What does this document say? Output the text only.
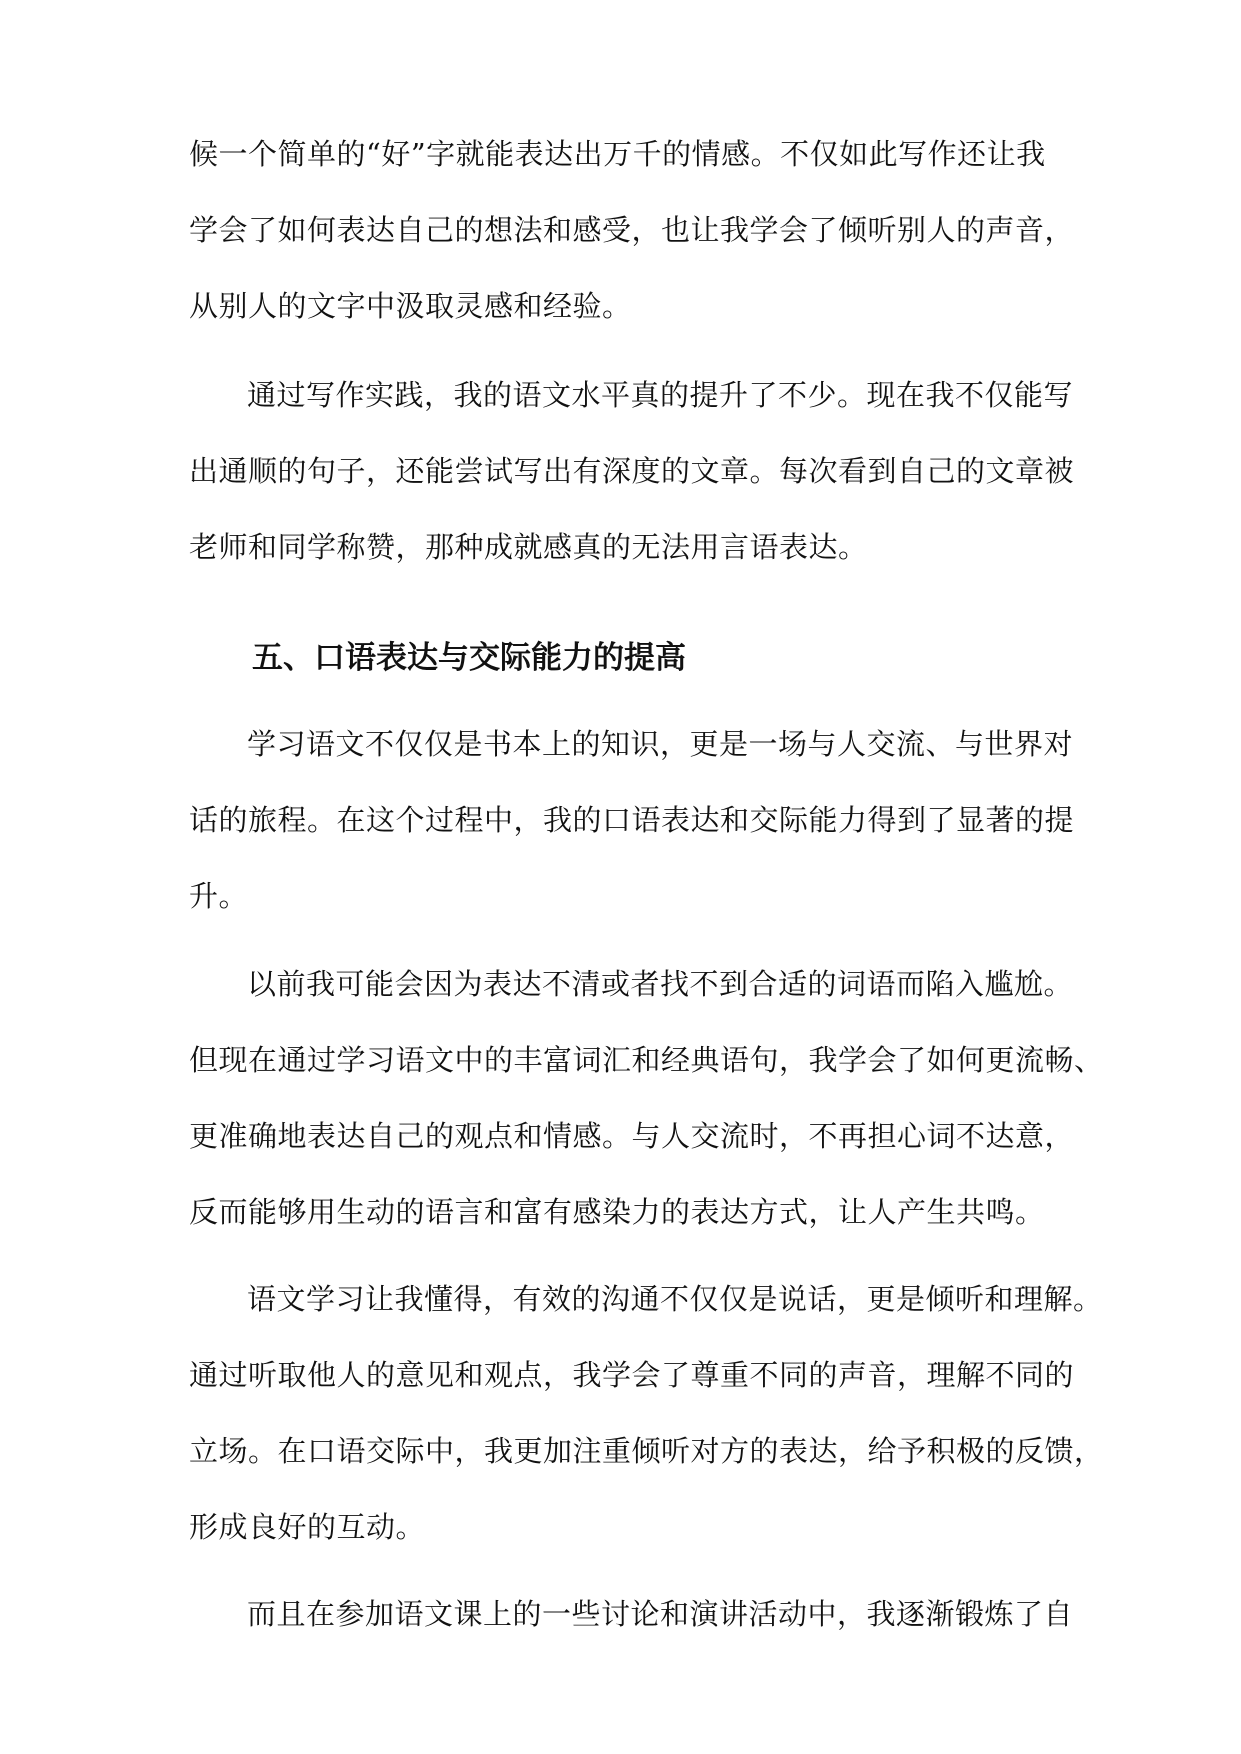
候一个简单的“好”字就能表达出万千的情感。不仅如此写作还让我
学会了如何表达自己的想法和感受，也让我学会了倾听别人的声音，
从别人的文字中汲取灵感和经验。
通过写作实践，我的语文水平真的提升了不少。现在我不仅能写
出通顺的句子，还能尝试写出有深度的文章。每次看到自己的文章被
老师和同学称赞，那种成就感真的无法用言语表达。
五、口语表达与交际能力的提高
学习语文不仅仅是书本上的知识，更是一场与人交流、与世界对
话的旅程。在这个过程中，我的口语表达和交际能力得到了显著的提
升。
以前我可能会因为表达不清或者找不到合适的词语而陷入尴尬。
但现在通过学习语文中的丰富词汇和经典语句，我学会了如何更流畅、
更准确地表达自己的观点和情感。与人交流时，不再担心词不达意，
反而能够用生动的语言和富有感染力的表达方式，让人产生共鸣。
语文学习让我懂得，有效的沟通不仅仅是说话，更是倾听和理解。
通过听取他人的意见和观点，我学会了尊重不同的声音，理解不同的
立场。在口语交际中，我更加注重倾听对方的表达，给予积极的反馈，
形成良好的互动。
而且在参加语文课上的一些讨论和演讲活动中，我逐渐锻炼了自
